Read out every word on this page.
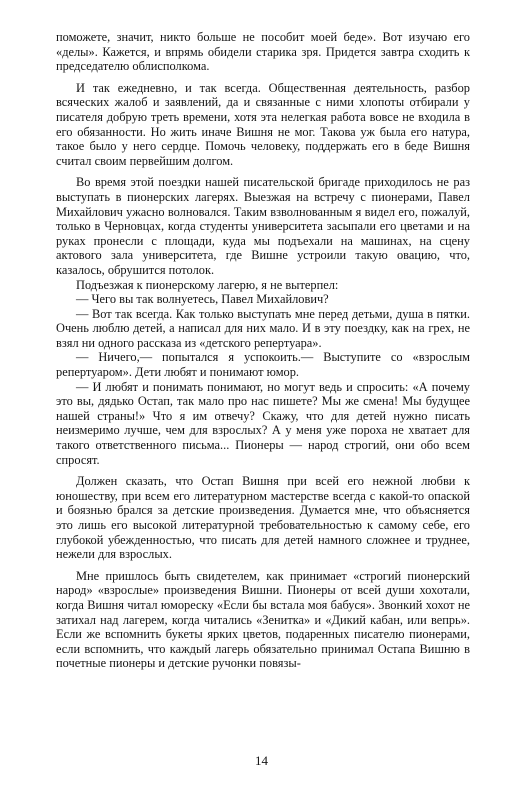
поможете, значит, никто больше не пособит моей беде». Вот изучаю его «делы». Кажется, и впрямь обидели старика зря. Придется завтра сходить к председателю облисполкома.

И так ежедневно, и так всегда. Общественная деятельность, разбор всяческих жалоб и заявлений, да и связанные с ними хлопоты отбирали у писателя добрую треть времени, хотя эта нелегкая работа вовсе не входила в его обязанности. Но жить иначе Вишня не мог. Такова уж была его натура, такое было у него сердце. Помочь человеку, поддержать его в беде Вишня считал своим первейшим долгом.

Во время этой поездки нашей писательской бригаде приходилось не раз выступать в пионерских лагерях. Выезжая на встречу с пионерами, Павел Михайлович ужасно волновался. Таким взволнованным я видел его, пожалуй, только в Черновцах, когда студенты университета засыпали его цветами и на руках пронесли с площади, куда мы подъехали на машинах, на сцену актового зала университета, где Вишне устроили такую овацию, что, казалось, обрушится потолок.

Подъезжая к пионерскому лагерю, я не вытерпел:

— Чего вы так волнуетесь, Павел Михайлович?

— Вот так всегда. Как только выступать мне перед детьми, душа в пятки. Очень люблю детей, а написал для них мало. И в эту поездку, как на грех, не взял ни одного рассказа из «детского репертуара».

— Ничего,— попытался я успокоить.— Выступите со «взрослым репертуаром». Дети любят и понимают юмор.

— И любят и понимать понимают, но могут ведь и спросить: «А почему это вы, дядько Остап, так мало про нас пишете? Мы же смена! Мы будущее нашей страны!» Что я им отвечу? Скажу, что для детей нужно писать неизмеримо лучше, чем для взрослых? А у меня уже пороха не хватает для такого ответственного письма... Пионеры — народ строгий, они обо всем спросят.

Должен сказать, что Остап Вишня при всей его нежной любви к юношеству, при всем его литературном мастерстве всегда с какой-то опаской и боязнью брался за детские произведения. Думается мне, что объясняется это лишь его высокой литературной требовательностью к самому себе, его глубокой убежденностью, что писать для детей намного сложнее и труднее, нежели для взрослых.

Мне пришлось быть свидетелем, как принимает «строгий пионерский народ» «взрослые» произведения Вишни. Пионеры от всей души хохотали, когда Вишня читал юмореску «Если бы встала моя бабуся». Звонкий хохот не затихал над лагерем, когда читались «Зенитка» и «Дикий кабан, или вепрь». Если же вспомнить букеты ярких цветов, подаренных писателю пионерами, если вспомнить, что каждый лагерь обязательно принимал Остапа Вишню в почетные пионеры и детские ручонки повязы-

14
